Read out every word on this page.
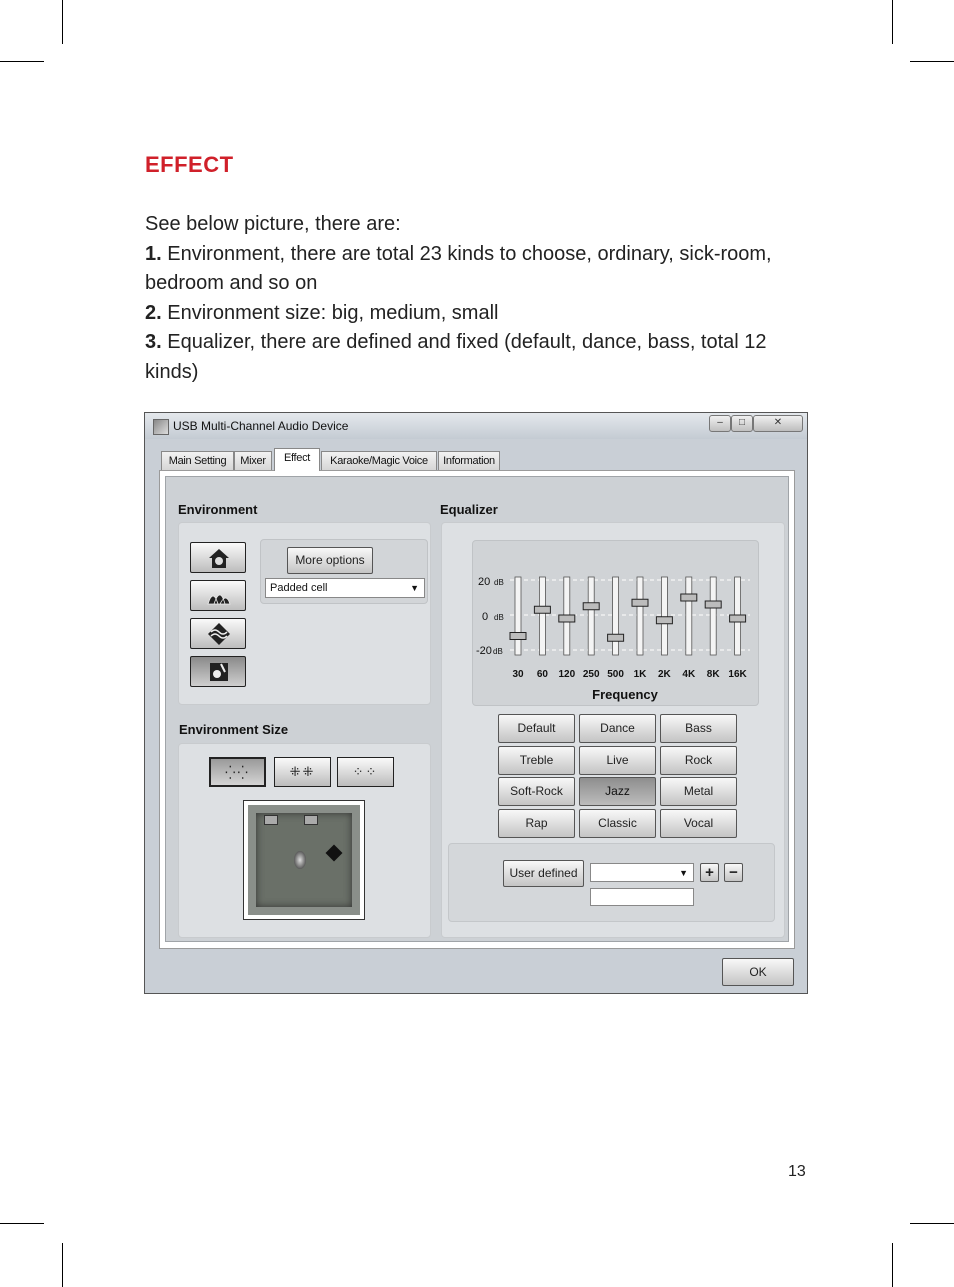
EFFECT

See below picture, there are:

1. Environment, there are total 23 kinds to choose, ordinary, sick-room, bedroom and so on

2. Environment size: big, medium, small

3. Equalizer, there are defined and fixed (default, dance, bass, total 12 kinds)

USB Multi-Channel Audio Device	–	□	✕
Main Setting	Mixer	Effect	Karaoke/Magic Voice	Information
Environment
More options
Padded cell	▼
Environment Size
⁛⁛	⁜⁜	⁘⁘
Equalizer
20 dB
0 dB
-20 dB
30 60 120 250 500 1K 2K 4K 8K 16K
Frequency
Default	Dance	Bass
Treble	Live	Rock
Soft-Rock	Jazz	Metal
Rap	Classic	Vocal
User defined	▼	+	−
OK
13
